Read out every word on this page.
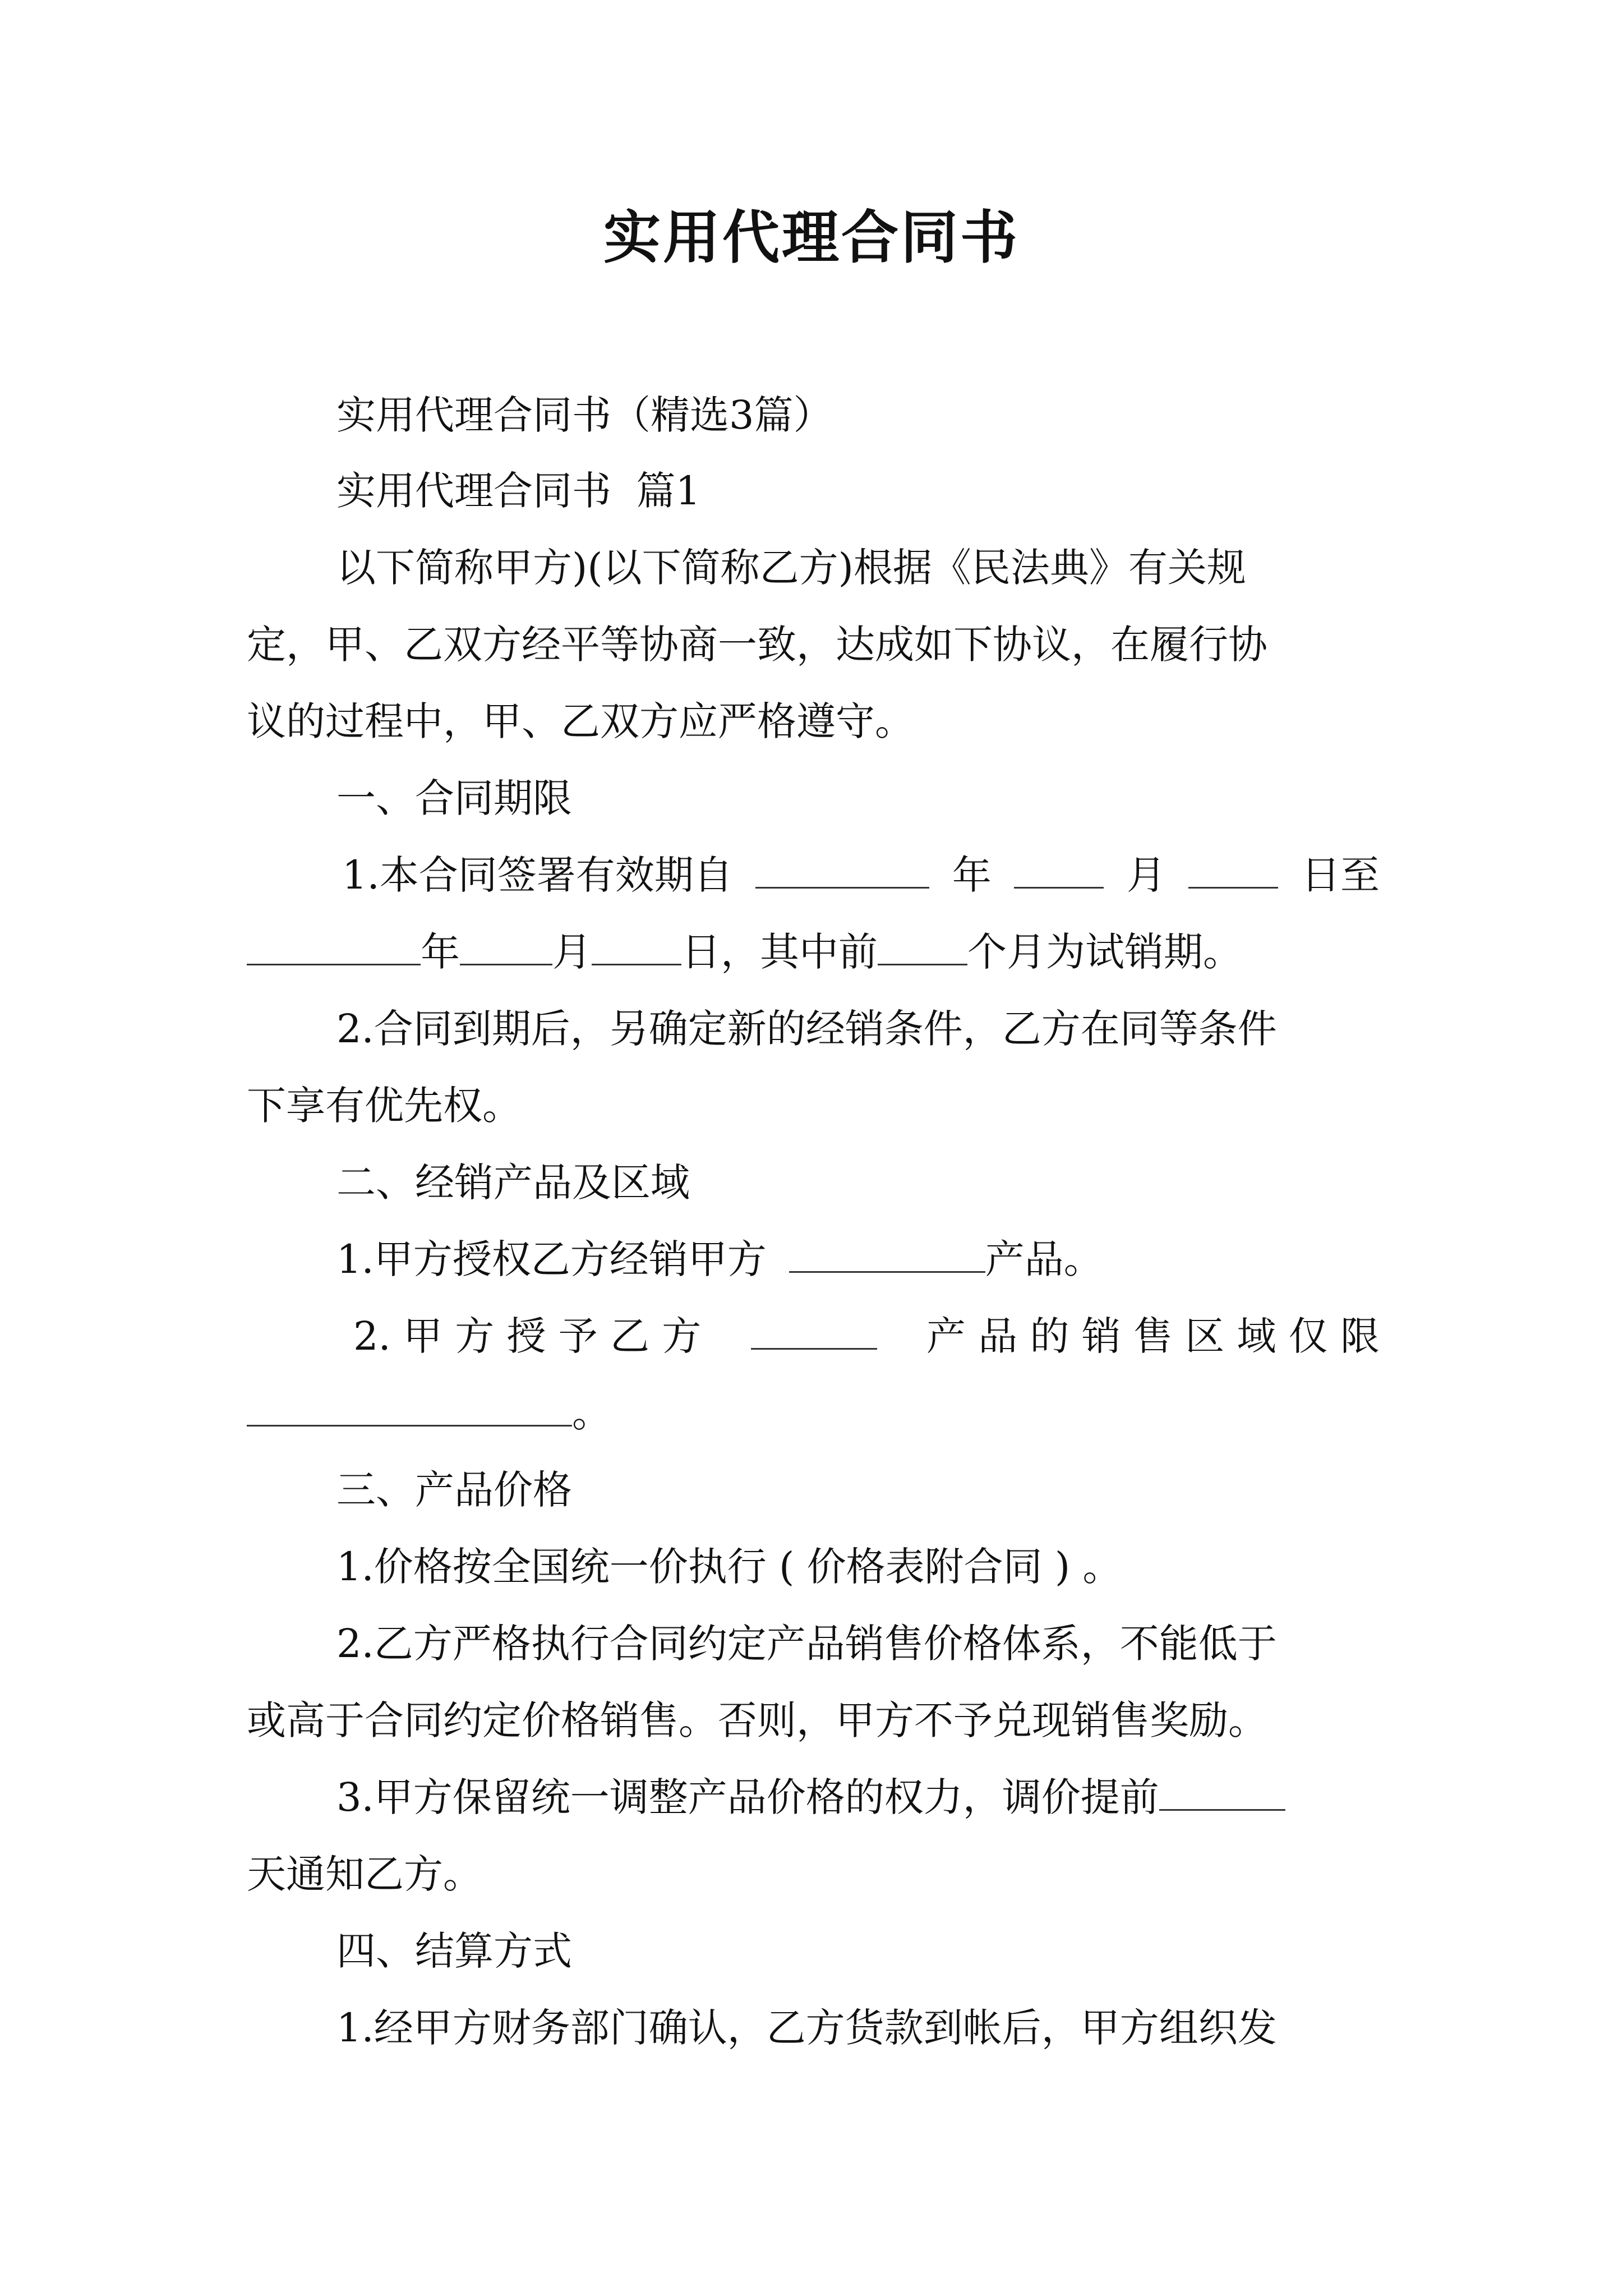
实用代理合同书

实用代理合同书（精选3篇）

实用代理合同书  篇1

以下简称甲方)(以下简称乙方)根据《民法典》有关规

定，甲、乙双方经平等协商一致，达成如下协议，在履行协

议的过程中，甲、乙双方应严格遵守。

一、合同期限

1.本合同签署有效期自	年	月	日至
年 月 日，其中前 个月为试销期。

2.合同到期后，另确定新的经销条件，乙方在同等条件

下享有优先权。

二、经销产品及区域

1.甲方授权乙方经销甲方	产品。
2. 甲 方 授 予 乙 方	产 品 的 销 售 区 域 仅 限
。

三、产品价格

1.价格按全国统一价执行 ( 价格表附合同 ) 。

2.乙方严格执行合同约定产品销售价格体系，不能低于

或高于合同约定价格销售。否则，甲方不予兑现销售奖励。

3.甲方保留统一调整产品价格的权力，调价提前

天通知乙方。

四、结算方式

1.经甲方财务部门确认，乙方货款到帐后，甲方组织发
